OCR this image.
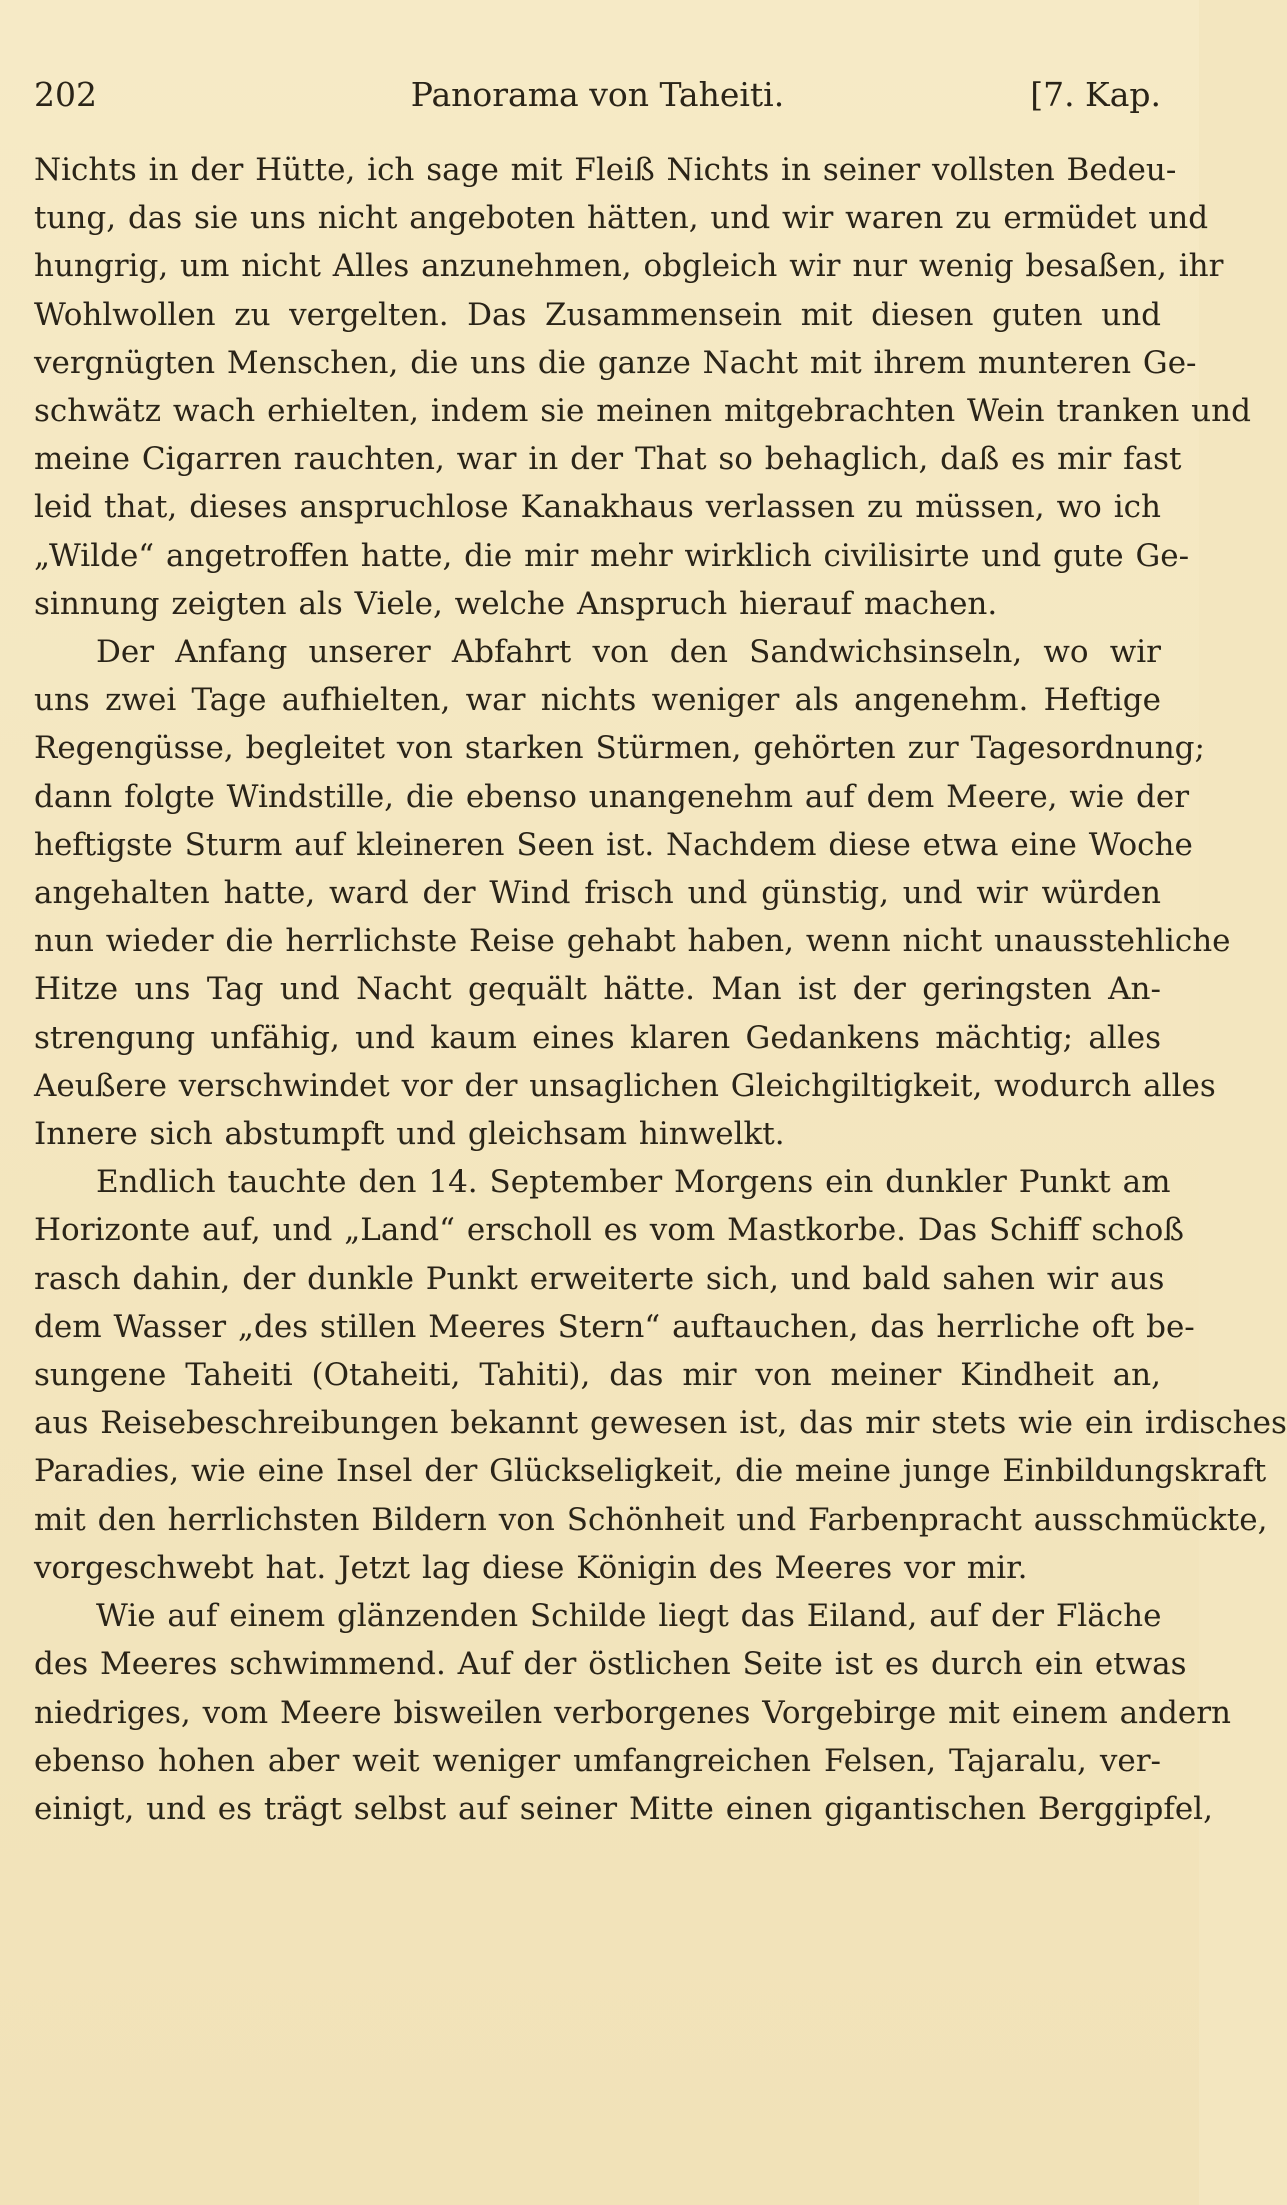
202	Panorama von Taheiti.	[7. Kap.
Nichts in der Hütte, ich sage mit Fleiß Nichts in seiner vollsten Bedeu-
tung, das sie uns nicht angeboten hätten, und wir waren zu ermüdet und
hungrig, um nicht Alles anzunehmen, obgleich wir nur wenig besaßen, ihr
Wohlwollen zu vergelten. Das Zusammensein mit diesen guten und
vergnügten Menschen, die uns die ganze Nacht mit ihrem munteren Ge-
schwätz wach erhielten, indem sie meinen mitgebrachten Wein tranken und
meine Cigarren rauchten, war in der That so behaglich, daß es mir fast
leid that, dieses anspruchlose Kanakhaus verlassen zu müssen, wo ich
„Wilde“ angetroffen hatte, die mir mehr wirklich civilisirte und gute Ge-
sinnung zeigten als Viele, welche Anspruch hierauf machen.
Der Anfang unserer Abfahrt von den Sandwichsinseln, wo wir
uns zwei Tage aufhielten, war nichts weniger als angenehm. Heftige
Regengüsse, begleitet von starken Stürmen, gehörten zur Tagesordnung;
dann folgte Windstille, die ebenso unangenehm auf dem Meere, wie der
heftigste Sturm auf kleineren Seen ist. Nachdem diese etwa eine Woche
angehalten hatte, ward der Wind frisch und günstig, und wir würden
nun wieder die herrlichste Reise gehabt haben, wenn nicht unausstehliche
Hitze uns Tag und Nacht gequält hätte. Man ist der geringsten An-
strengung unfähig, und kaum eines klaren Gedankens mächtig; alles
Aeußere verschwindet vor der unsaglichen Gleichgiltigkeit, wodurch alles
Innere sich abstumpft und gleichsam hinwelkt.
Endlich tauchte den 14. September Morgens ein dunkler Punkt am
Horizonte auf, und „Land“ erscholl es vom Mastkorbe. Das Schiff schoß
rasch dahin, der dunkle Punkt erweiterte sich, und bald sahen wir aus
dem Wasser „des stillen Meeres Stern“ auftauchen, das herrliche oft be-
sungene Taheiti (Otaheiti, Tahiti), das mir von meiner Kindheit an,
aus Reisebeschreibungen bekannt gewesen ist, das mir stets wie ein irdisches
Paradies, wie eine Insel der Glückseligkeit, die meine junge Einbildungskraft
mit den herrlichsten Bildern von Schönheit und Farbenpracht ausschmückte,
vorgeschwebt hat. Jetzt lag diese Königin des Meeres vor mir.
Wie auf einem glänzenden Schilde liegt das Eiland, auf der Fläche
des Meeres schwimmend. Auf der östlichen Seite ist es durch ein etwas
niedriges, vom Meere bisweilen verborgenes Vorgebirge mit einem andern
ebenso hohen aber weit weniger umfangreichen Felsen, Tajaralu, ver-
einigt, und es trägt selbst auf seiner Mitte einen gigantischen Berggipfel,
